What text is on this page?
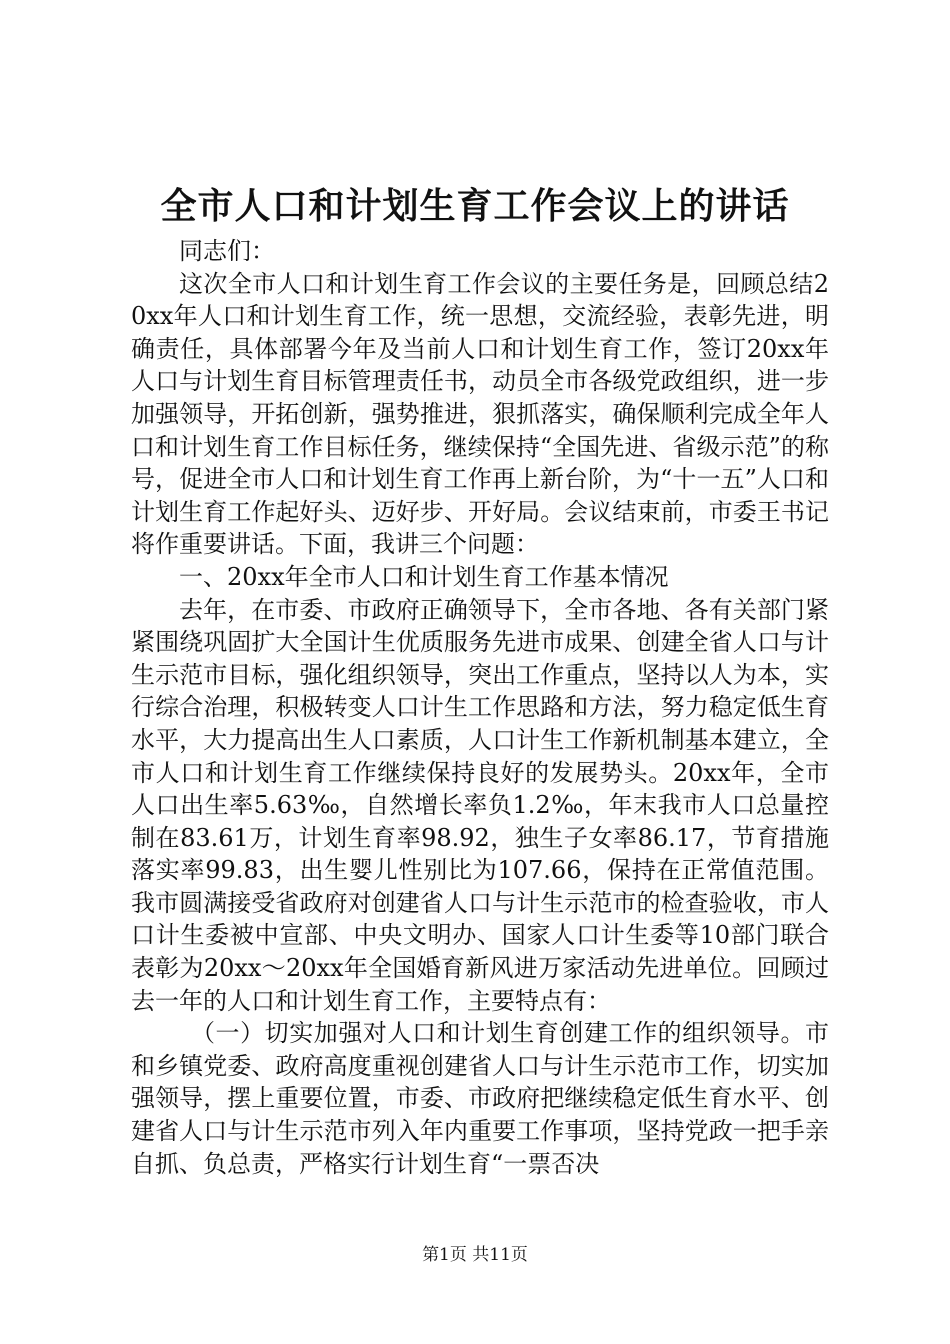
全市人口和计划生育工作会议上的讲话

同志们：

这次全市人口和计划生育工作会议的主要任务是，回顾总结20xx年人口和计划生育工作，统一思想，交流经验，表彰先进，明确责任，具体部署今年及当前人口和计划生育工作，签订20xx年人口与计划生育目标管理责任书，动员全市各级党政组织，进一步加强领导，开拓创新，强势推进，狠抓落实，确保顺利完成全年人口和计划生育工作目标任务，继续保持“全国先进、省级示范”的称号，促进全市人口和计划生育工作再上新台阶，为“十一五”人口和计划生育工作起好头、迈好步、开好局。会议结束前，市委王书记将作重要讲话。下面，我讲三个问题：

一、20xx年全市人口和计划生育工作基本情况

去年，在市委、市政府正确领导下，全市各地、各有关部门紧紧围绕巩固扩大全国计生优质服务先进市成果、创建全省人口与计生示范市目标，强化组织领导，突出工作重点，坚持以人为本，实行综合治理，积极转变人口计生工作思路和方法，努力稳定低生育水平，大力提高出生人口素质，人口计生工作新机制基本建立，全市人口和计划生育工作继续保持良好的发展势头。20xx年，全市人口出生率5.63‰，自然增长率负1.2‰，年末我市人口总量控制在83.61万，计划生育率98.92，独生子女率86.17，节育措施落实率99.83，出生婴儿性别比为107.66，保持在正常值范围。我市圆满接受省政府对创建省人口与计生示范市的检查验收，市人口计生委被中宣部、中央文明办、国家人口计生委等10部门联合表彰为20xx～20xx年全国婚育新风进万家活动先进单位。回顾过去一年的人口和计划生育工作，主要特点有：

（一）切实加强对人口和计划生育创建工作的组织领导。市和乡镇党委、政府高度重视创建省人口与计生示范市工作，切实加强领导，摆上重要位置，市委、市政府把继续稳定低生育水平、创建省人口与计生示范市列入年内重要工作事项，坚持党政一把手亲自抓、负总责，严格实行计划生育“一票否决

第1页 共11页
